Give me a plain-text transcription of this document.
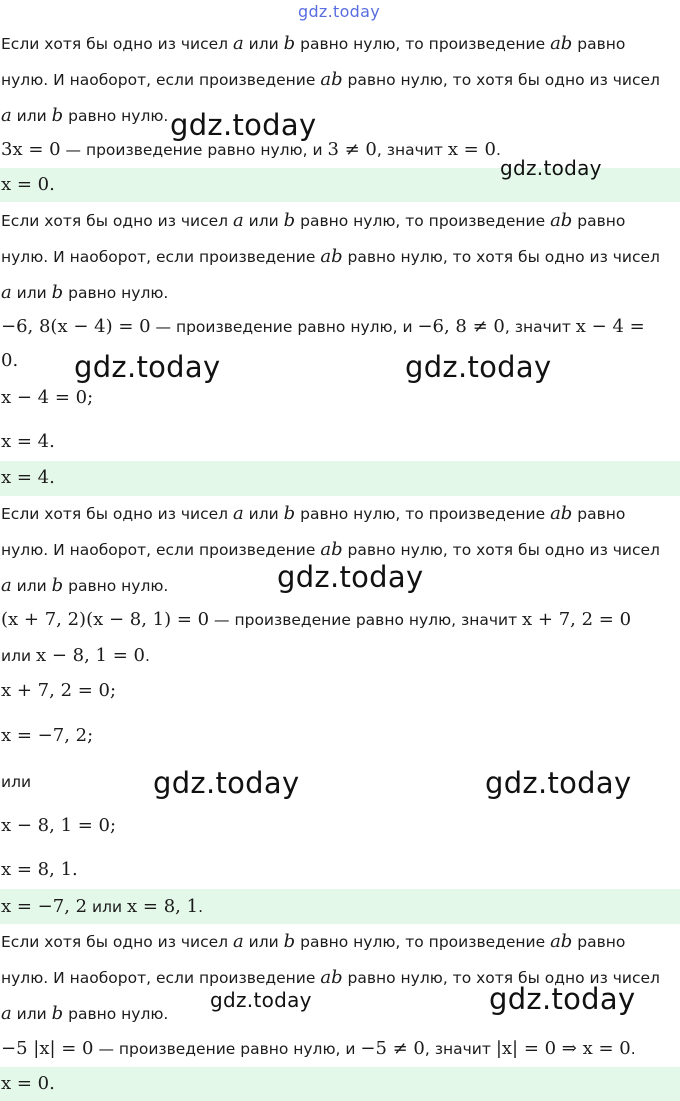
gdz.today
Если хотя бы одно из чисел a или b равно нулю, то произведение ab равно
нулю. И наоборот, если произведение ab равно нулю, то хотя бы одно из чисел
a или b равно нулю. gdz.today
3x = 0 — произведение равно нулю, и 3 ≠ 0, значит x = 0.
x = 0.
gdz.today
Если хотя бы одно из чисел a или b равно нулю, то произведение ab равно
нулю. И наоборот, если произведение ab равно нулю, то хотя бы одно из чисел
a или b равно нулю.
−6, 8(x − 4) = 0 — произведение равно нулю, и −6, 8 ≠ 0, значит x − 4 =
0.	gdz.today	gdz.today
x − 4 = 0;
x = 4.
x = 4.
Если хотя бы одно из чисел a или b равно нулю, то произведение ab равно
нулю. И наоборот, если произведение ab равно нулю, то хотя бы одно из чисел
a или b равно нулю.	gdz.today
(x + 7, 2)(x − 8, 1) = 0 — произведение равно нулю, значит x + 7, 2 = 0
или x − 8, 1 = 0.
x + 7, 2 = 0;
x = −7, 2;
или	gdz.today	gdz.today
x − 8, 1 = 0;
x = 8, 1.
x = −7, 2 или x = 8, 1.
Если хотя бы одно из чисел a или b равно нулю, то произведение ab равно
нулю. И наоборот, если произведение ab равно нулю, то хотя бы одно из чисел
a или b равно нулю.
gdz.today	gdz.today
−5 |x| = 0 — произведение равно нулю, и −5 ≠ 0, значит |x| = 0 ⇒ x = 0.
x = 0.
